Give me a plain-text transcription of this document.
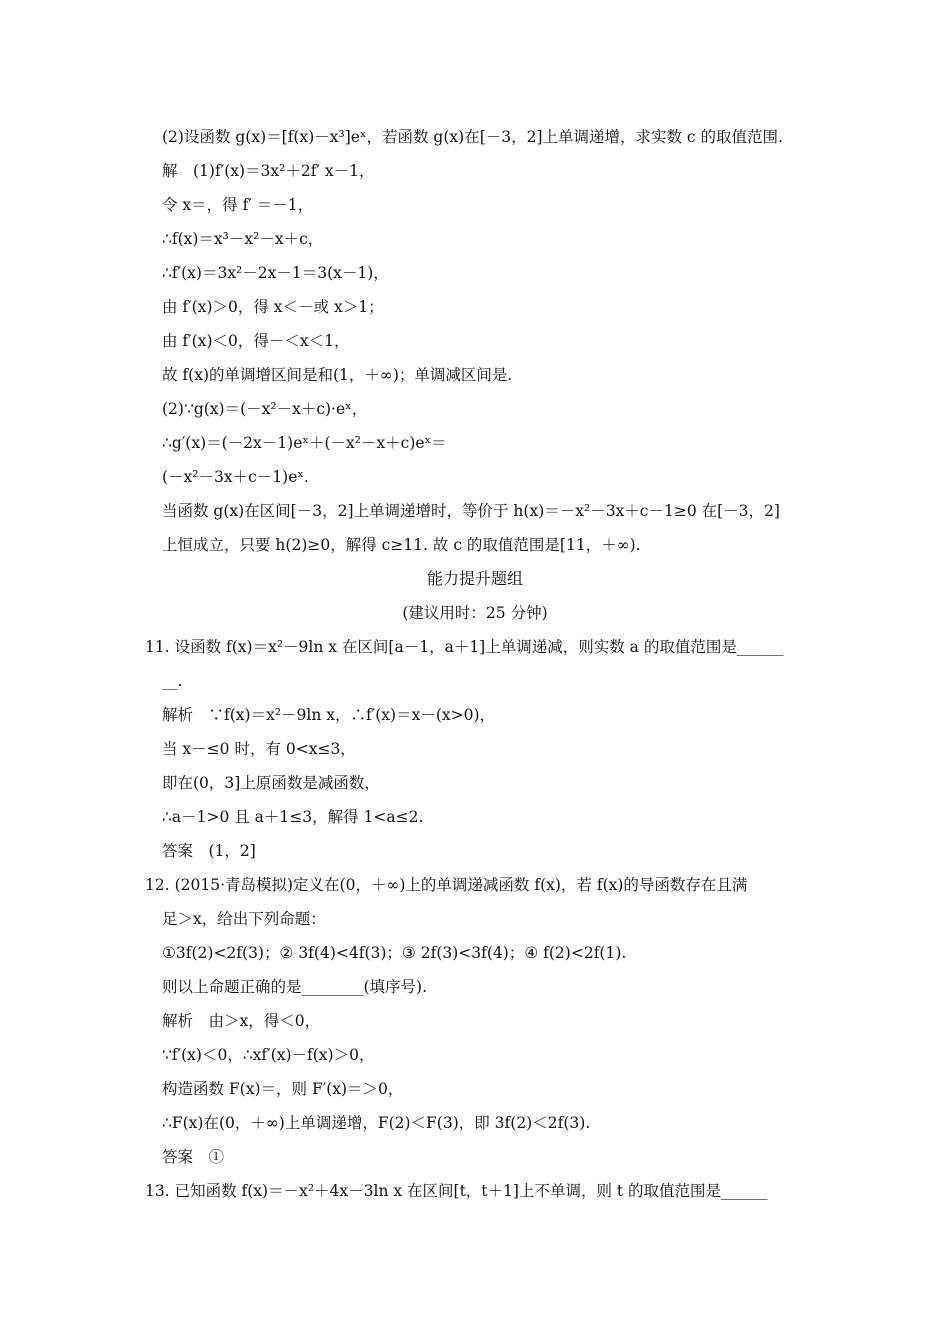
(2)设函数 g(x)＝[f(x)－x³]eˣ，若函数 g(x)在[－3，2]上单调递增，求实数 c 的取值范围.
解　(1)f′(x)＝3x²＋2f′ x－1，
令 x＝，得 f′ ＝－1，
∴f(x)＝x³－x²－x＋c，
∴f′(x)＝3x²－2x－1＝3(x－1)，
由 f′(x)＞0，得 x＜－或 x＞1；
由 f′(x)＜0，得－＜x＜1，
故 f(x)的单调增区间是和(1，＋∞)；单调减区间是.
(2)∵g(x)＝(－x²－x＋c)·eˣ，
∴g′(x)＝(－2x－1)eˣ＋(－x²－x＋c)eˣ＝
(－x²－3x＋c－1)eˣ.
当函数 g(x)在区间[－3，2]上单调递增时，等价于 h(x)＝－x²－3x＋c－1≥0 在[－3，2]
上恒成立，只要 h(2)≥0，解得 c≥11. 故 c 的取值范围是[11，＋∞).
能力提升题组
(建议用时：25 分钟)
11. 设函数 f(x)＝x²－9ln x 在区间[a－1，a＋1]上单调递减，则实数 a 的取值范围是______
__.
解析　∵f(x)＝x²－9ln x，∴f′(x)＝x－(x>0)，
当 x－≤0 时，有 0<x≤3，
即在(0，3]上原函数是减函数，
∴a－1>0 且 a＋1≤3，解得 1<a≤2.
答案　(1，2]
12. (2015·青岛模拟)定义在(0，＋∞)上的单调递减函数 f(x)，若 f(x)的导函数存在且满
足＞x，给出下列命题：
①3f(2)<2f(3)；② 3f(4)<4f(3)；③ 2f(3)<3f(4)；④ f(2)<2f(1).
则以上命题正确的是________(填序号).
解析　由＞x，得＜0，
∵f′(x)＜0，∴xf′(x)－f(x)＞0，
构造函数 F(x)＝，则 F′(x)＝＞0，
∴F(x)在(0，＋∞)上单调递增，F(2)＜F(3)，即 3f(2)＜2f(3).
答案　①
13. 已知函数 f(x)＝－x²＋4x－3ln x 在区间[t，t＋1]上不单调，则 t 的取值范围是______
